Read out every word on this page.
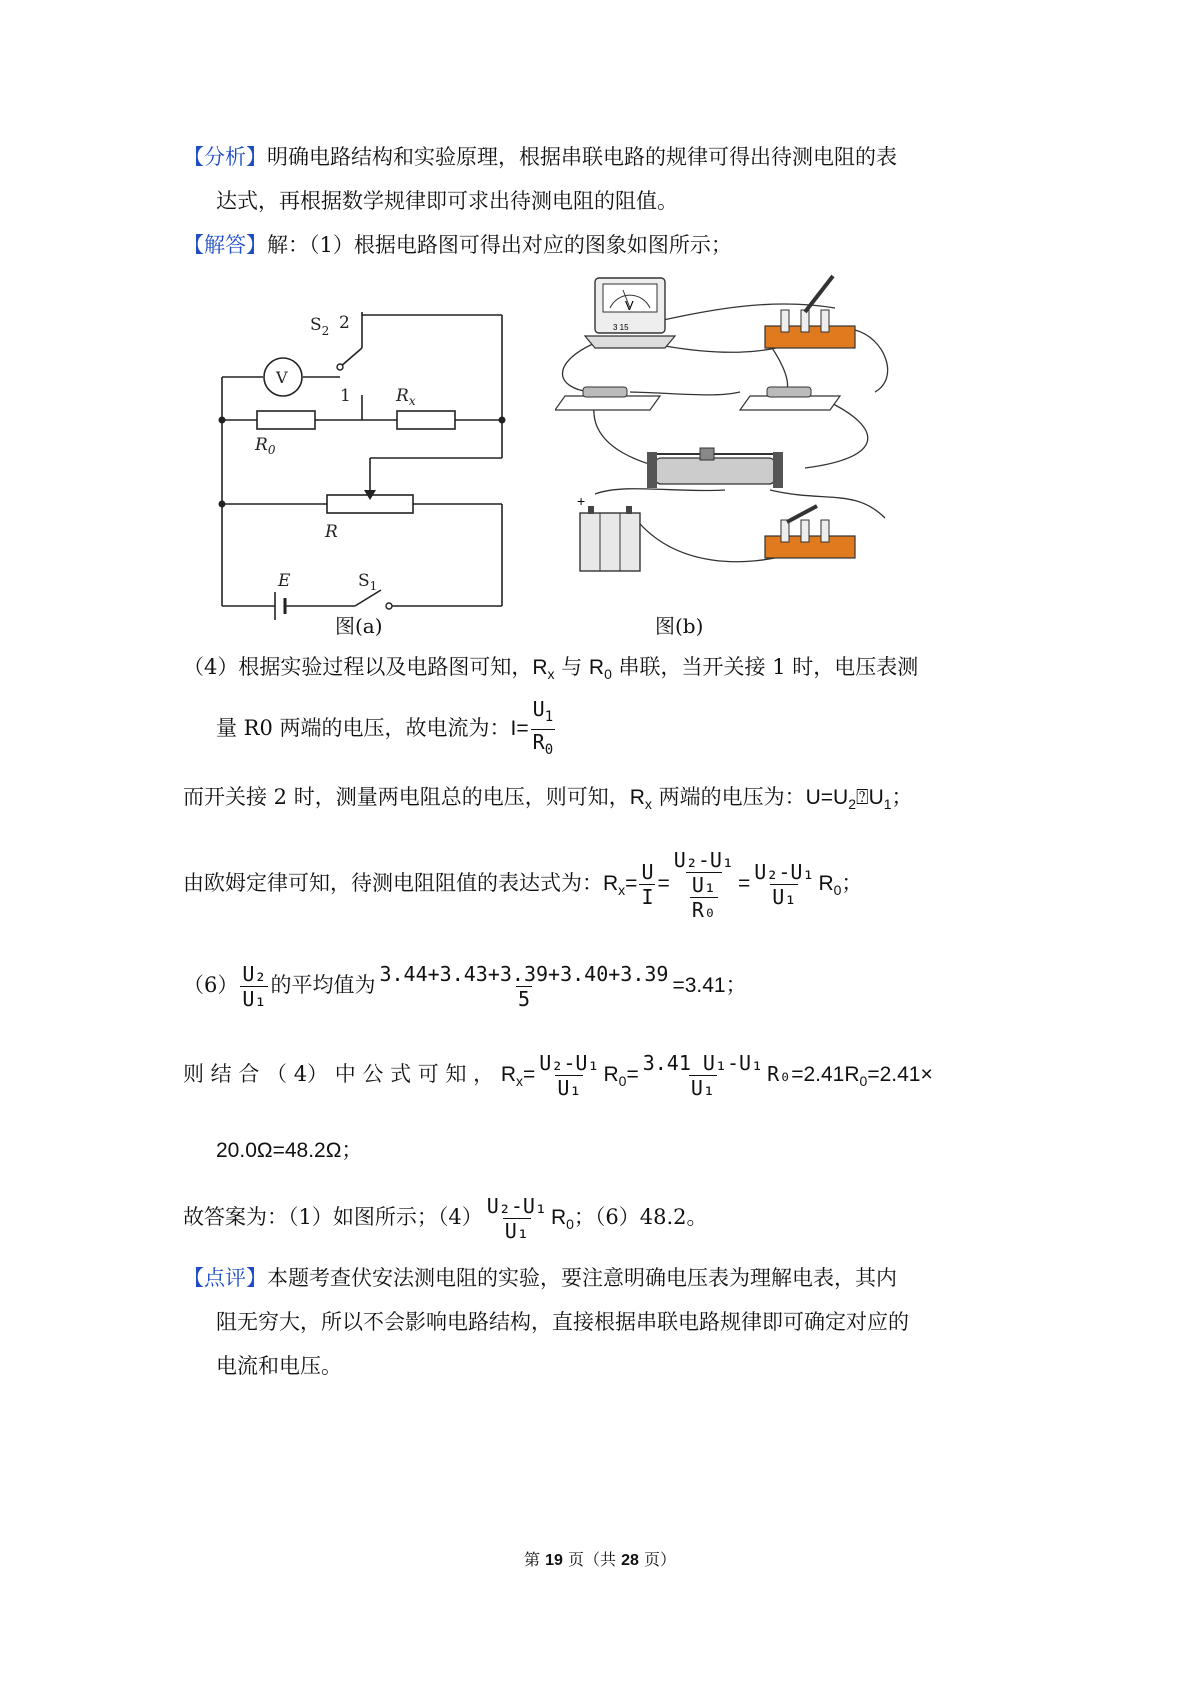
【分析】明确电路结构和实验原理，根据串联电路的规律可得出待测电阻的表
达式，再根据数学规律即可求出待测电阻的阻值。
【解答】解：（1）根据电路图可得出对应的图象如图所示；
$S_2$ 2
V
1	$R_x$
$R_0$
R
E	$S_1$
图(a)
V
3 15
+
图(b)
（4）根据实验过程以及电路图可知，$R_x$ 与 $R_0$ 串联，当开关接 1 时，电压表测
量 R0 两端的电压，故电流为：$I= \frac{U_1}{R_0}$
而开关接 2 时，测量两电阻总的电压，则可知，$R_x$ 两端的电压为：$U=U_2⍰U_1$；
由欧姆定律可知，待测电阻阻值的表达式为：$R_x= \frac{U}{I} = \frac{\text{U₂-U₁}}{\frac{\text{U₁}}{\text{R₀}}} = \frac{\text{U₂-U₁}}{\text{U₁}} R_0$；
$(6) \frac{\text{U₂}}{\text{U₁}}$ 的平均值为 $\frac{3.44+3.43+3.39+3.40+3.39}{5} =3.41$；
则 结 合 （ 4） 中 公 式 可 知 ， $R_x= \frac{\text{U₂-U₁}}{\text{U₁}} R_0= \frac{\text{3.41 U₁-U₁}}{\text{U₁}} R_0=2.41R_0=2.41\times$
20.0Ω=48.2Ω；
故答案为：（1）如图所示；$(4) \frac{\text{U₂-U₁}}{\text{U₁}} R_0$；（6）48.2。
【点评】本题考查伏安法测电阻的实验，要注意明确电压表为理解电表，其内
阻无穷大，所以不会影响电路结构，直接根据串联电路规律即可确定对应的
电流和电压。
第 19 页（共 28 页）
